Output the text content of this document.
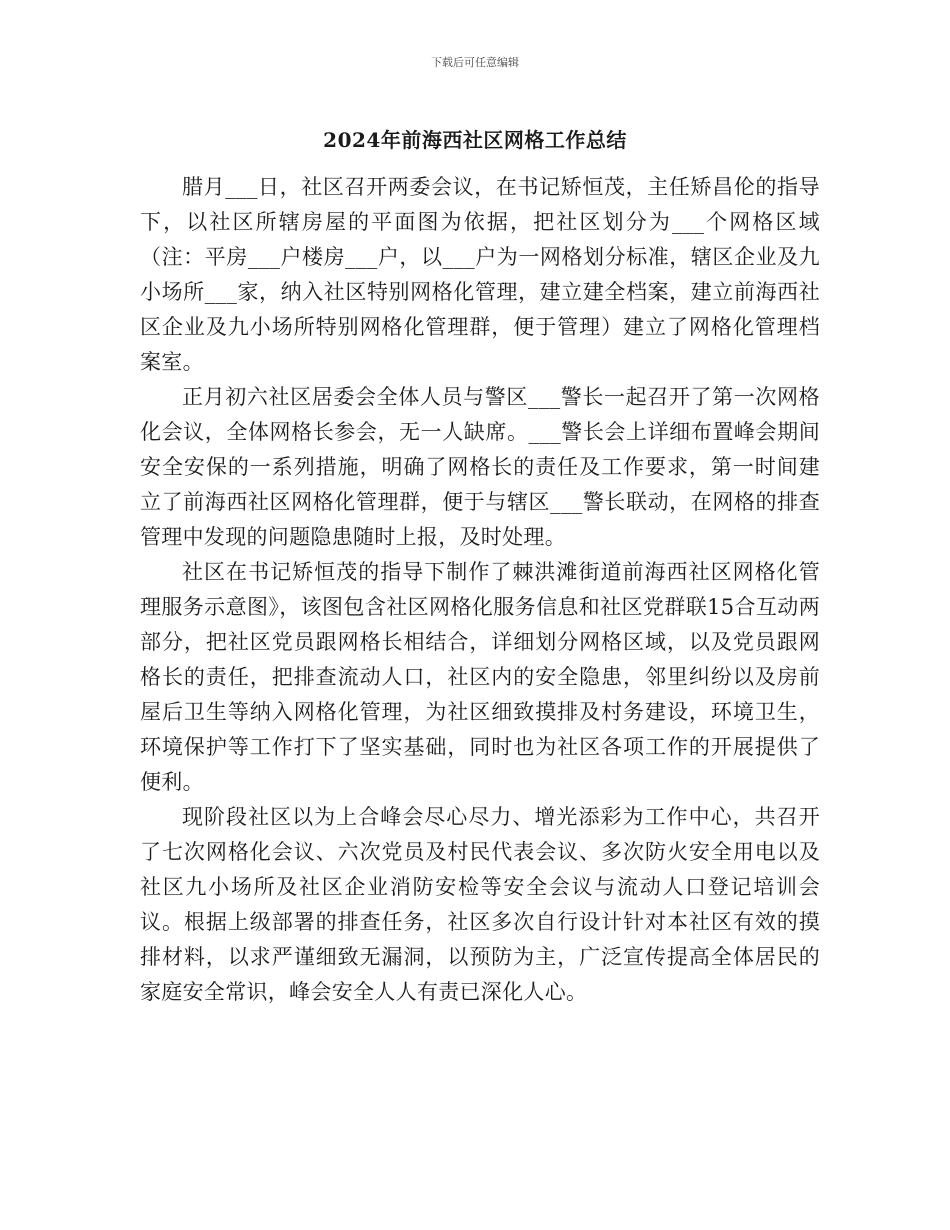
下载后可任意编辑
2024年前海西社区网格工作总结

腊月___日，社区召开两委会议，在书记矫恒茂，主任矫昌伦的指导下，以社区所辖房屋的平面图为依据，把社区划分为___个网格区域（注：平房___户楼房___户，以___户为一网格划分标准，辖区企业及九小场所___家，纳入社区特别网格化管理，建立建全档案，建立前海西社区企业及九小场所特别网格化管理群，便于管理）建立了网格化管理档案室。

正月初六社区居委会全体人员与警区___警长一起召开了第一次网格化会议，全体网格长参会，无一人缺席。___警长会上详细布置峰会期间安全安保的一系列措施，明确了网格长的责任及工作要求，第一时间建立了前海西社区网格化管理群，便于与辖区___警长联动，在网格的排查管理中发现的问题隐患随时上报，及时处理。

社区在书记矫恒茂的指导下制作了棘洪滩街道前海西社区网格化管理服务示意图》，该图包含社区网格化服务信息和社区党群联15合互动两部分，把社区党员跟网格长相结合，详细划分网格区域，以及党员跟网格长的责任，把排查流动人口，社区内的安全隐患，邻里纠纷以及房前屋后卫生等纳入网格化管理，为社区细致摸排及村务建设，环境卫生，环境保护等工作打下了坚实基础，同时也为社区各项工作的开展提供了便利。

现阶段社区以为上合峰会尽心尽力、增光添彩为工作中心，共召开了七次网格化会议、六次党员及村民代表会议、多次防火安全用电以及社区九小场所及社区企业消防安检等安全会议与流动人口登记培训会议。根据上级部署的排查任务，社区多次自行设计针对本社区有效的摸排材料，以求严谨细致无漏洞，以预防为主，广泛宣传提高全体居民的家庭安全常识，峰会安全人人有责已深化人心。
